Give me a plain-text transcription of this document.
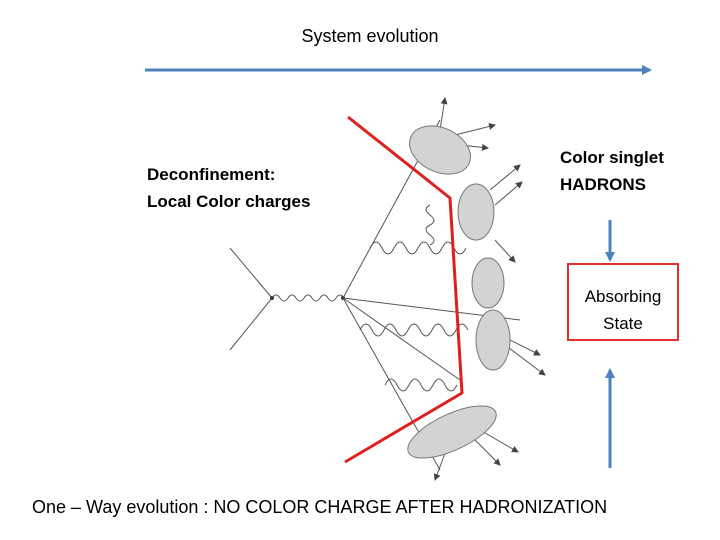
System evolution
Deconfinement:
Local Color charges
Color singlet
HADRONS
Absorbing
State
One – Way evolution : NO COLOR CHARGE AFTER HADRONIZATION
